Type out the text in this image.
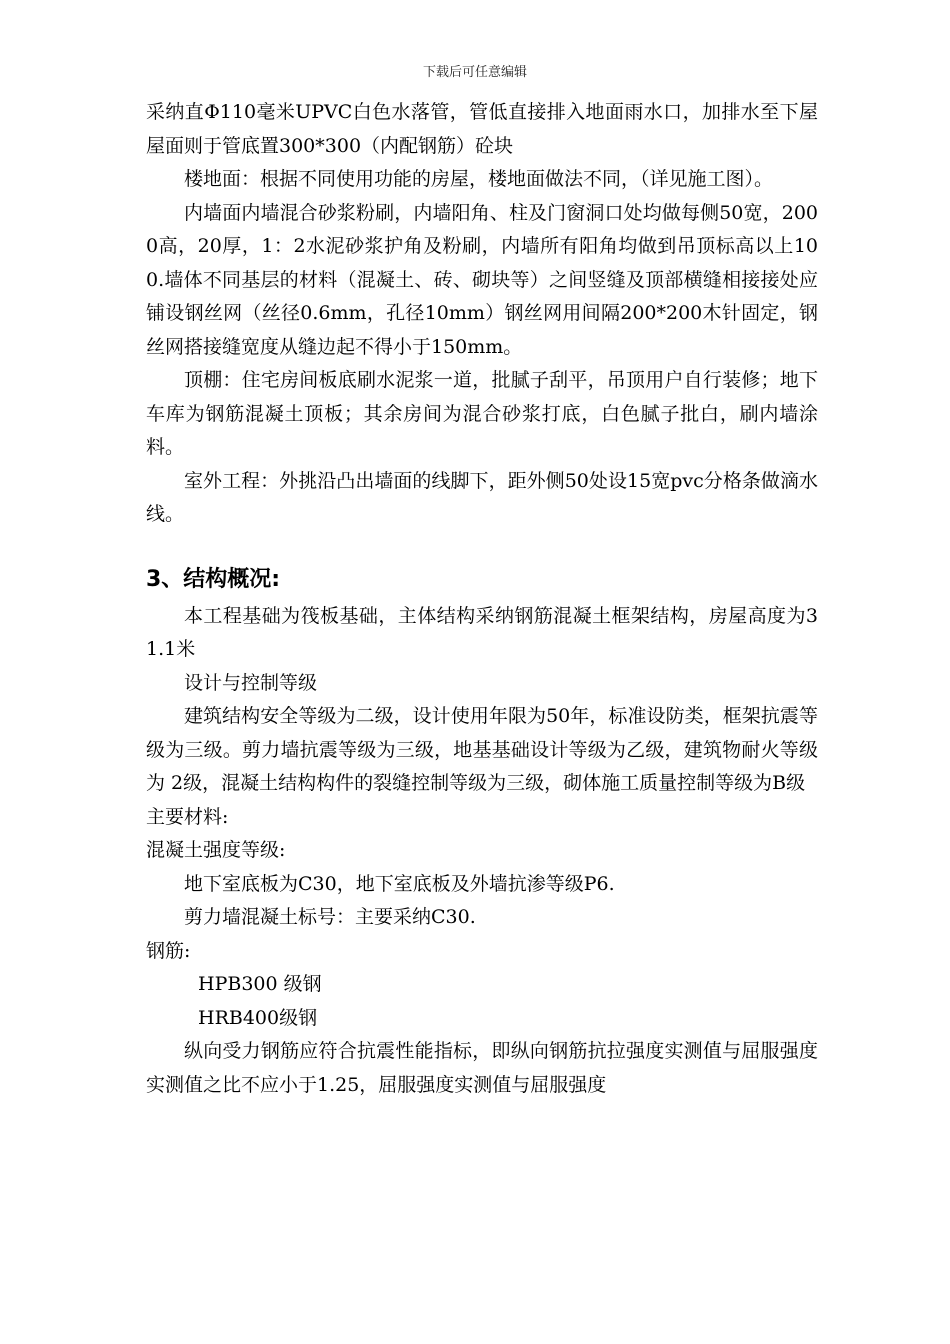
下载后可任意编辑

采纳直Φ110毫米UPVC白色水落管，管低直接排入地面雨水口，加排水至下屋屋面则于管底置300*300（内配钢筋）砼块

楼地面：根据不同使用功能的房屋，楼地面做法不同，（详见施工图）。

内墙面内墙混合砂浆粉刷，内墙阳角、柱及门窗洞口处均做每侧50宽，2000高，20厚，1：2水泥砂浆护角及粉刷，内墙所有阳角均做到吊顶标高以上100.墙体不同基层的材料（混凝土、砖、砌块等）之间竖缝及顶部横缝相接接处应铺设钢丝网（丝径0.6mm，孔径10mm）钢丝网用间隔200*200木针固定，钢丝网搭接缝宽度从缝边起不得小于150mm。

顶棚：住宅房间板底刷水泥浆一道，批腻子刮平，吊顶用户自行装修；地下车库为钢筋混凝土顶板；其余房间为混合砂浆打底，白色腻子批白，刷内墙涂料。

室外工程：外挑沿凸出墙面的线脚下，距外侧50处设15宽pvc分格条做滴水线。

3、结构概况:

本工程基础为筏板基础，主体结构采纳钢筋混凝土框架结构，房屋高度为31.1米

设计与控制等级

建筑结构安全等级为二级，设计使用年限为50年，标准设防类，框架抗震等级为三级。剪力墙抗震等级为三级，地基基础设计等级为乙级，建筑物耐火等级为 2级，混凝土结构构件的裂缝控制等级为三级，砌体施工质量控制等级为B级

主要材料:

混凝土强度等级:

地下室底板为C30，地下室底板及外墙抗渗等级P6.

剪力墙混凝土标号：主要采纳C30.

钢筋:

HPB300 级钢

HRB400级钢

纵向受力钢筋应符合抗震性能指标，即纵向钢筋抗拉强度实测值与屈服强度实测值之比不应小于1.25，屈服强度实测值与屈服强度
